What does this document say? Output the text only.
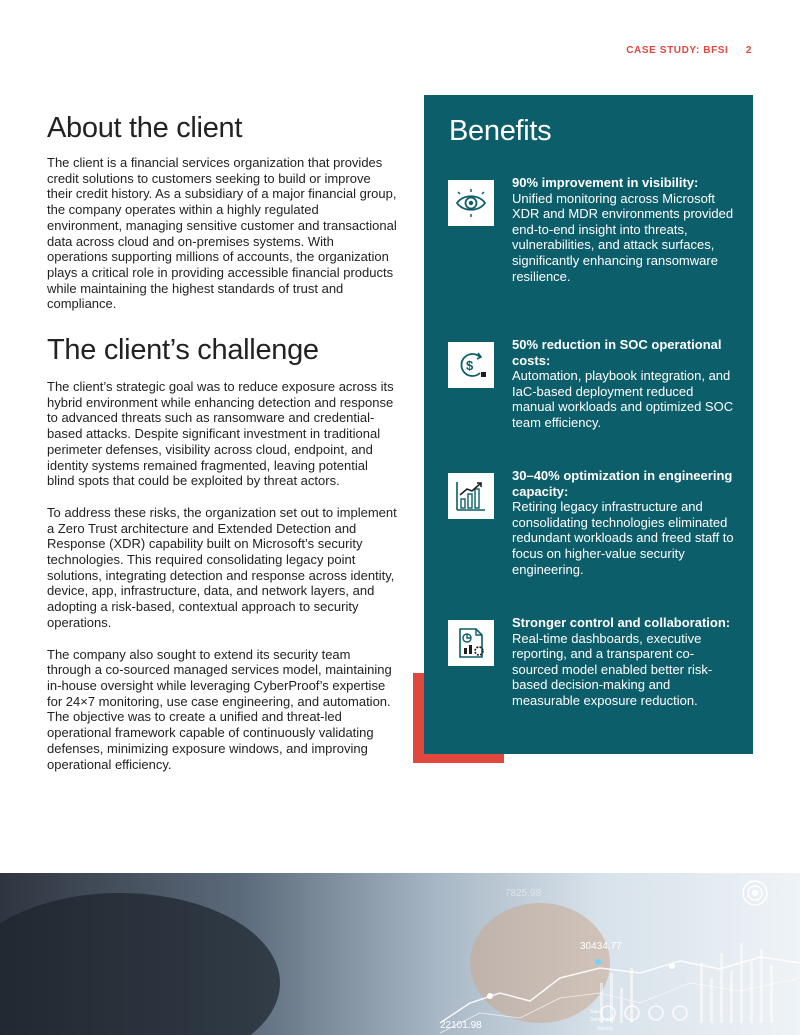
CASE STUDY: BFSI 2
About the client

The client is a financial services organization that provides credit solutions to customers seeking to build or improve their credit history. As a subsidiary of a major financial group, the company operates within a highly regulated environment, managing sensitive customer and transactional data across cloud and on-premises systems. With operations supporting millions of accounts, the organization plays a critical role in providing accessible financial products while maintaining the highest standards of trust and compliance.

The client’s challenge

The client’s strategic goal was to reduce exposure across its hybrid environment while enhancing detection and response to advanced threats such as ransomware and credential-based attacks. Despite significant investment in traditional perimeter defenses, visibility across cloud, endpoint, and identity systems remained fragmented, leaving potential blind spots that could be exploited by threat actors.

To address these risks, the organization set out to implement a Zero Trust architecture and Extended Detection and Response (XDR) capability built on Microsoft’s security technologies. This required consolidating legacy point solutions, integrating detection and response across identity, device, app, infrastructure, data, and network layers, and adopting a risk-based, contextual approach to security operations.

The company also sought to extend its security team through a co-sourced managed services model, maintaining in-house oversight while leveraging CyberProof’s expertise for 24×7 monitoring, use case engineering, and automation. The objective was to create a unified and threat-led operational framework capable of continuously validating defenses, minimizing exposure windows, and improving operational efficiency.

Benefits
90% improvement in visibility:
Unified monitoring across Microsoft XDR and MDR environments provided end-to-end insight into threats, vulnerabilities, and attack surfaces, significantly enhancing ransomware resilience.
$
50% reduction in SOC operational costs:
Automation, playbook integration, and IaC-based deployment reduced manual workloads and optimized SOC team efficiency.
30–40% optimization in engineering capacity:
Retiring legacy infrastructure and consolidating technologies eliminated redundant workloads and freed staff to focus on higher-value security engineering.
Stronger control and collaboration:
Real-time dashboards, executive reporting, and a transparent co-sourced model enabled better risk-based decision-making and measurable exposure reduction.
30434.77
22101.98
7825.98
Sales
Series plan
Weekly
